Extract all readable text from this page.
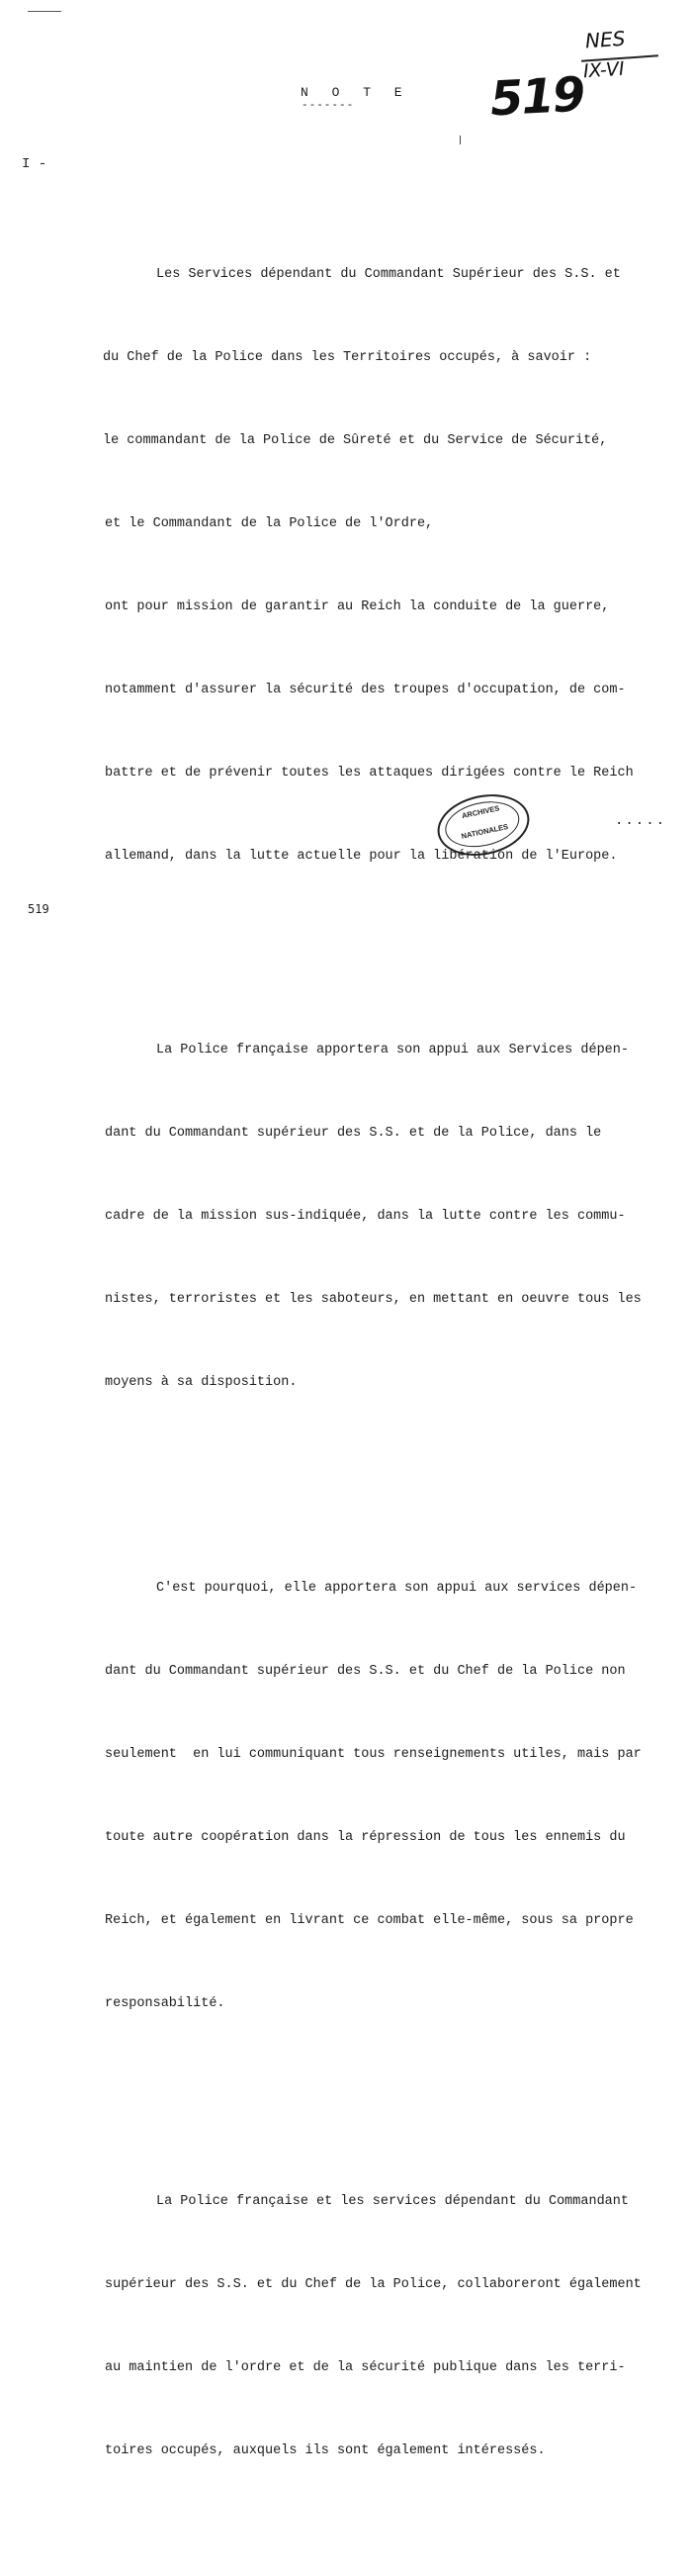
N O T E
-------	519
NES
IX-VI
I -

Les Services dépendant du Commandant Supérieur des S.S. et

du Chef de la Police dans les Territoires occupés, à savoir :

le commandant de la Police de Sûreté et du Service de Sécurité,

et le Commandant de la Police de l'Ordre,

ont pour mission de garantir au Reich la conduite de la guerre,

notamment d'assurer la sécurité des troupes d'occupation, de com-

battre et de prévenir toutes les attaques dirigées contre le Reich

allemand, dans la lutte actuelle pour la libération de l'Europe.

La Police française apportera son appui aux Services dépen-

dant du Commandant supérieur des S.S. et de la Police, dans le

cadre de la mission sus-indiquée, dans la lutte contre les commu-

nistes, terroristes et les saboteurs, en mettant en oeuvre tous les

moyens à sa disposition.

C'est pourquoi, elle apportera son appui aux services dépen-

dant du Commandant supérieur des S.S. et du Chef de la Police non

seulement  en lui communiquant tous renseignements utiles, mais par

toute autre coopération dans la répression de tous les ennemis du

Reich, et également en livrant ce combat elle-même, sous sa propre

responsabilité.

La Police française et les services dépendant du Commandant

supérieur des S.S. et du Chef de la Police, collaboreront également

au maintien de l'ordre et de la sécurité publique dans les terri-

toires occupés, auxquels ils sont également intéressés.

ARCHIVES
NATIONALES
.....
519
